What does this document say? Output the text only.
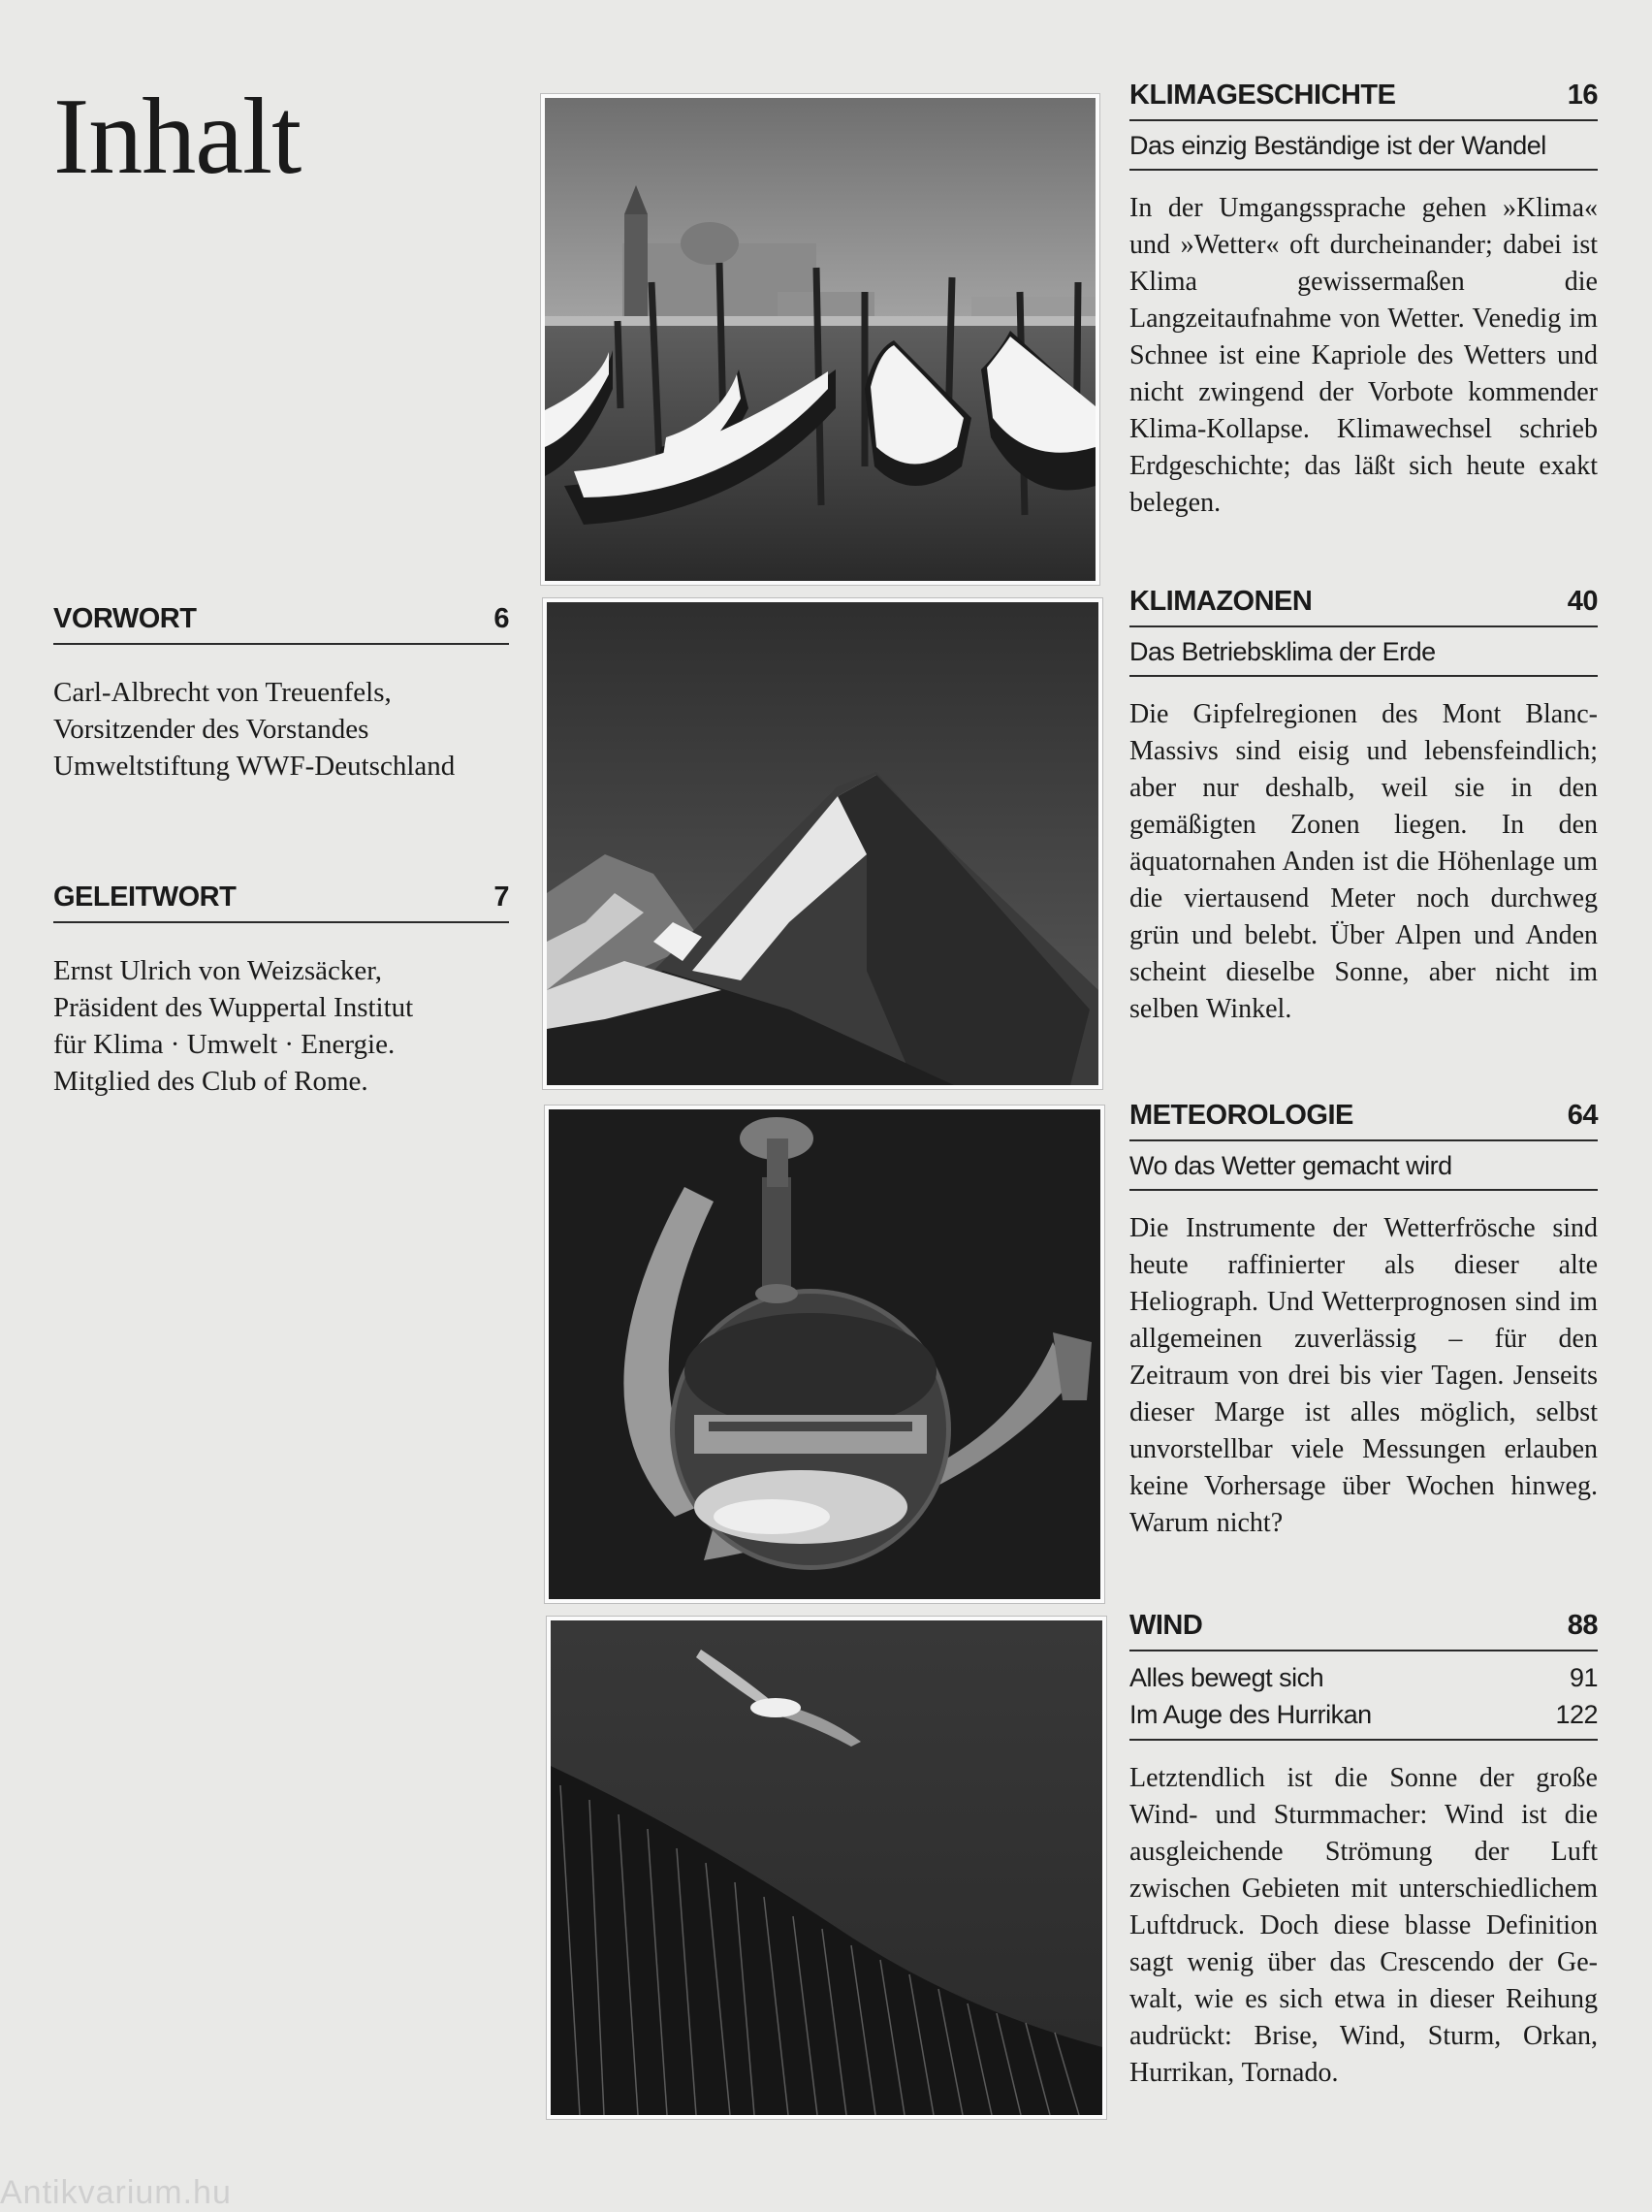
Inhalt
VORWORT	6
Carl-Albrecht von Treuenfels,
Vorsitzender des Vorstandes
Umweltstiftung WWF-Deutschland
GELEITWORT	7
Ernst Ulrich von Weizsäcker,
Präsident des Wuppertal Institut
für Klima · Umwelt · Energie.
Mitglied des Club of Rome.
KLIMAGESCHICHTE	16
Das einzig Beständige ist der Wandel
In der Umgangssprache gehen »Klima« und »Wetter« oft durcheinander; dabei ist Klima gewissermaßen die Langzeitaufnahme von Wetter. Venedig im Schnee ist eine Kapriole des Wetters und nicht zwingend der Vorbote kommender Klima-Kollapse. Klimawechsel schrieb Erdgeschichte; das läßt sich heute exakt belegen.
KLIMAZONEN	40
Das Betriebsklima der Erde
Die Gipfelregionen des Mont Blanc-Massivs sind eisig und lebensfeindlich; aber nur deshalb, weil sie in den gemäßigten Zonen liegen. In den äquatornahen Anden ist die Höhenlage um die viertausend Meter noch durchweg grün und belebt. Über Alpen und Anden scheint dieselbe Sonne, aber nicht im selben Winkel.
METEOROLOGIE	64
Wo das Wetter gemacht wird
Die Instrumente der Wetterfrösche sind heute raffinierter als dieser alte Heliograph. Und Wetterprognosen sind im allgemeinen zuverlässig – für den Zeitraum von drei bis vier Tagen. Jenseits dieser Marge ist alles möglich, selbst unvorstellbar viele Messungen erlauben keine Vorhersage über Wochen hinweg. Warum nicht?
WIND	88
Alles bewegt sich	91
Im Auge des Hurrikan	122
Letztendlich ist die Sonne der große Wind- und Sturmmacher: Wind ist die ausgleichende Strömung der Luft zwischen Gebieten mit unterschiedlichem Luftdruck. Doch diese blasse Definition sagt wenig über das Crescendo der Gewalt, wie es sich etwa in dieser Reihung audrückt: Brise, Wind, Sturm, Orkan, Hurrikan, Tornado.
Antikvarium.hu
